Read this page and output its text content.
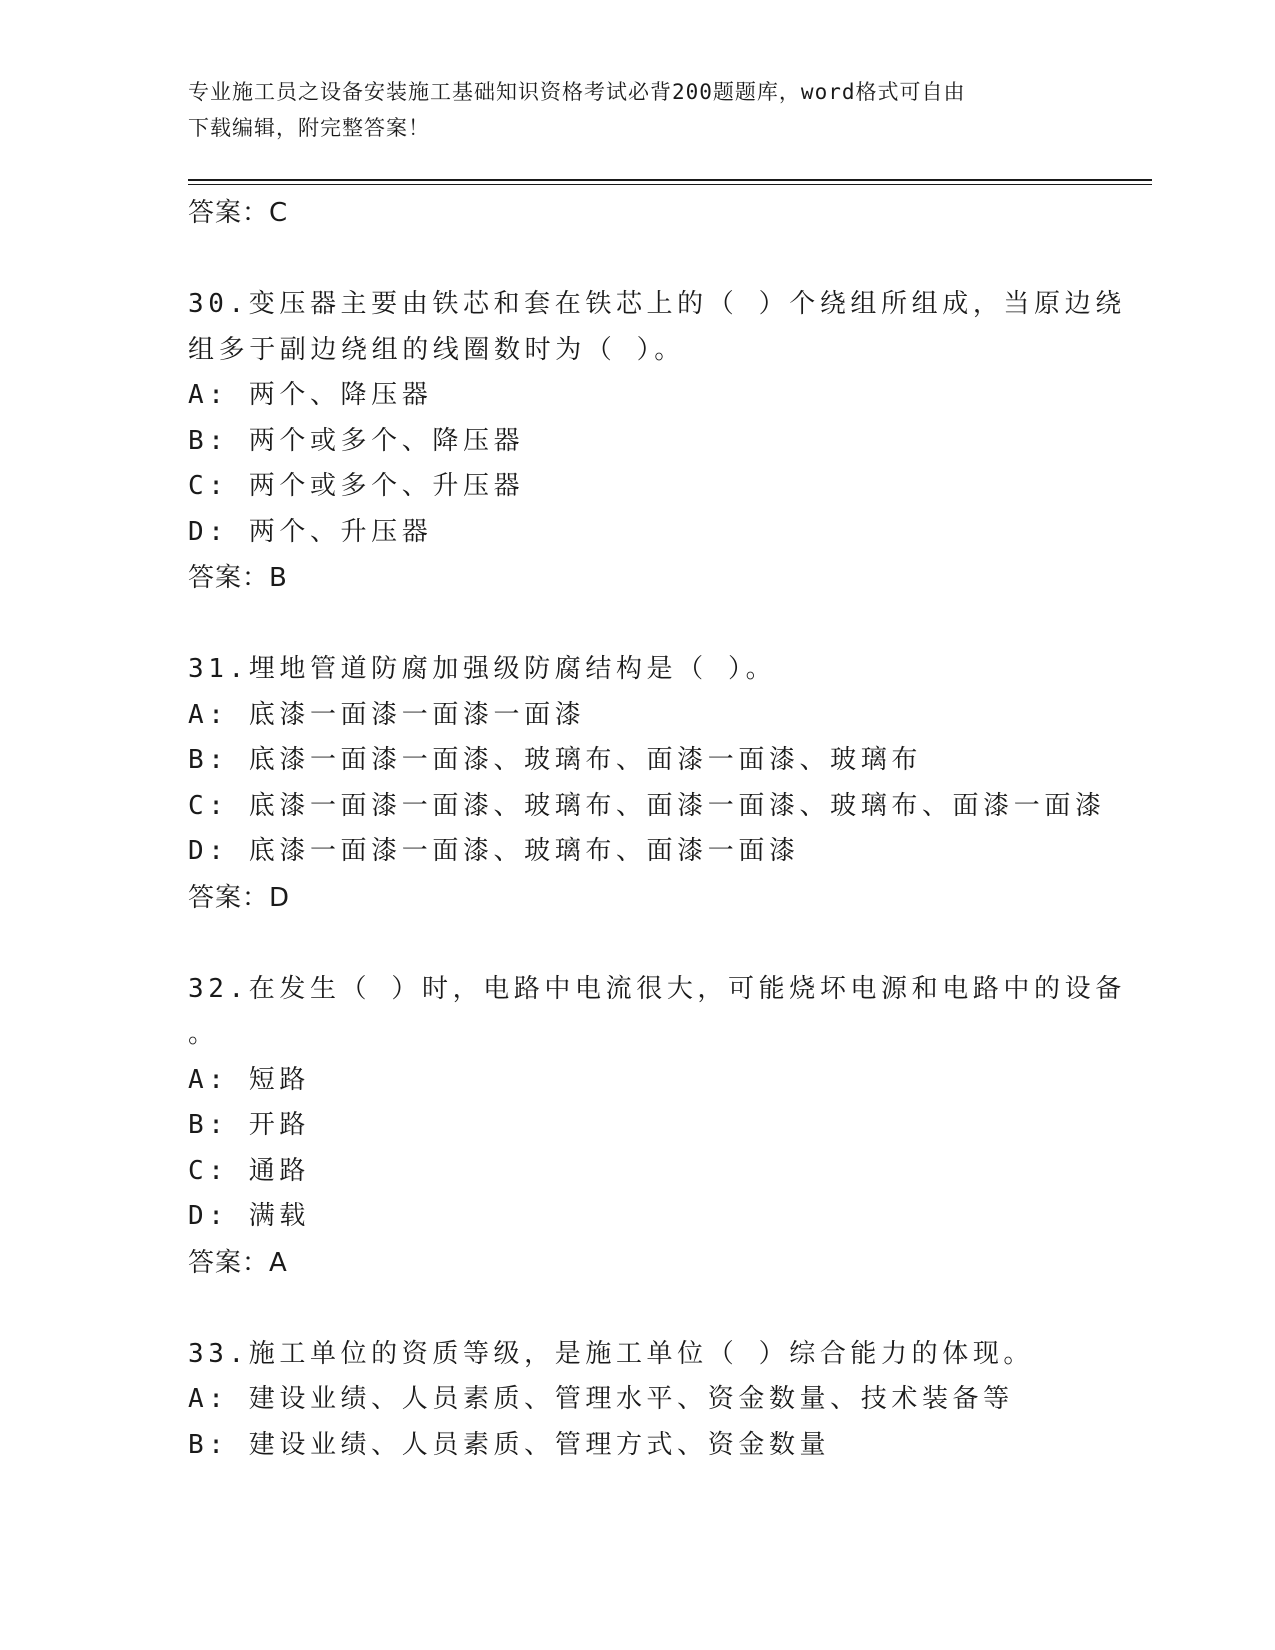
专业施工员之设备安装施工基础知识资格考试必背200题题库，word格式可自由
下载编辑，附完整答案！
答案：C
30.变压器主要由铁芯和套在铁芯上的（ ）个绕组所组成，当原边绕
组多于副边绕组的线圈数时为（ ）。
A: 两个、降压器
B: 两个或多个、降压器
C: 两个或多个、升压器
D: 两个、升压器
答案：B
31.埋地管道防腐加强级防腐结构是（ ）。
A: 底漆一面漆一面漆一面漆
B: 底漆一面漆一面漆、玻璃布、面漆一面漆、玻璃布
C: 底漆一面漆一面漆、玻璃布、面漆一面漆、玻璃布、面漆一面漆
D: 底漆一面漆一面漆、玻璃布、面漆一面漆
答案：D
32.在发生（ ）时，电路中电流很大，可能烧坏电源和电路中的设备
。
A: 短路
B: 开路
C: 通路
D: 满载
答案：A
33.施工单位的资质等级，是施工单位（ ）综合能力的体现。
A: 建设业绩、人员素质、管理水平、资金数量、技术装备等
B: 建设业绩、人员素质、管理方式、资金数量
